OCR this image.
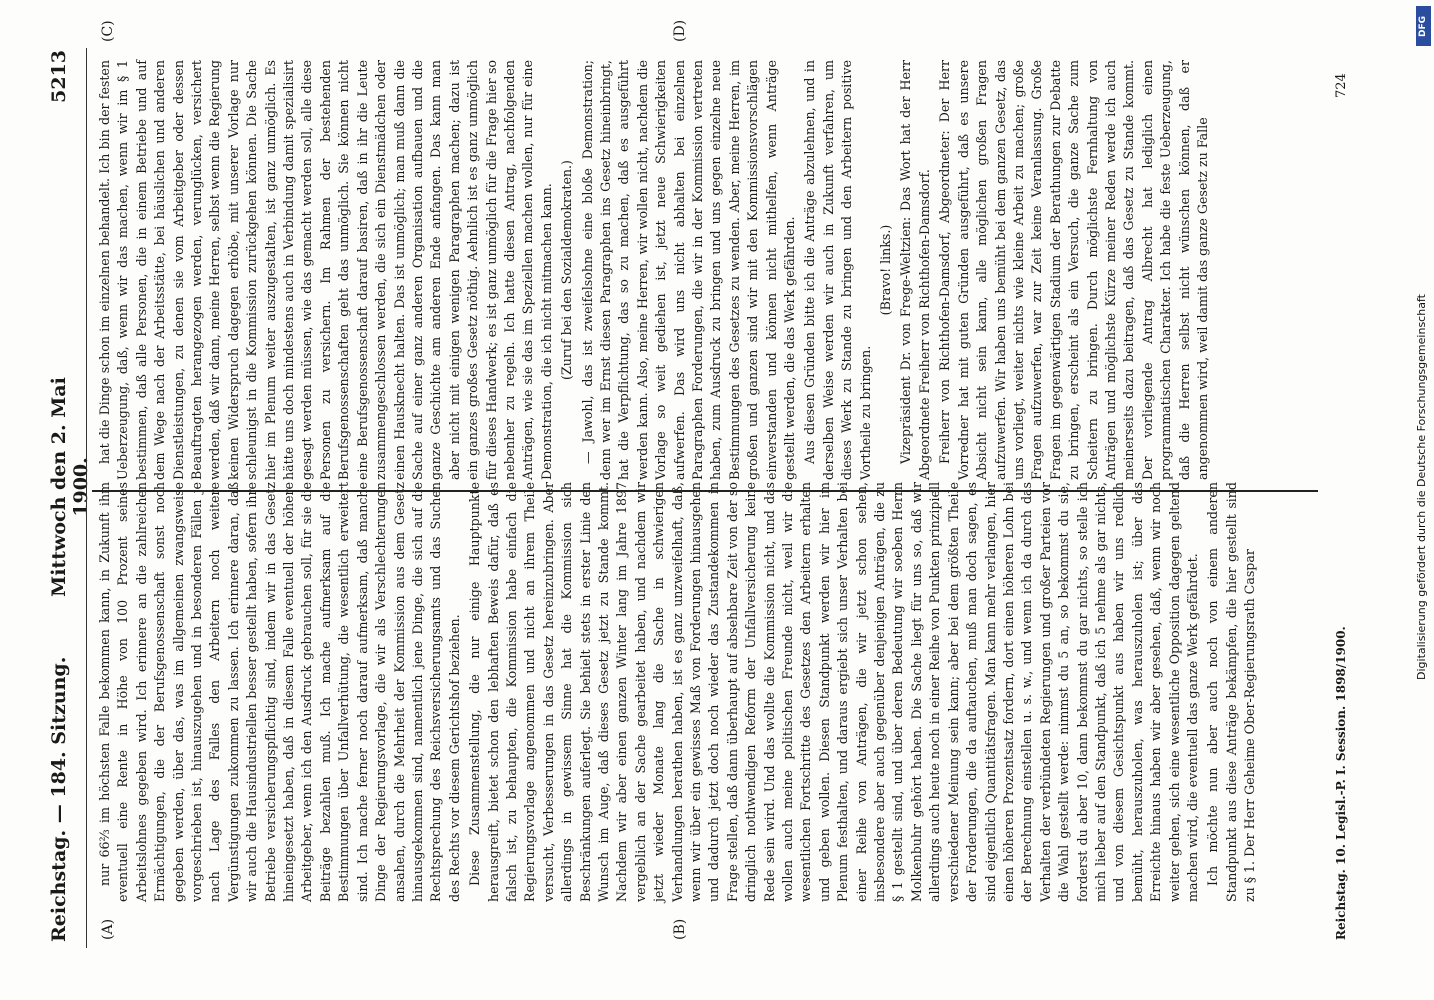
Reichstag. — 184. Sitzung.
Mittwoch den 2. Mai 1900.
5213
(A)	(B)
(C)	(D)

nur 66⅔ im höchsten Falle bekommen kann, in Zukunft ihm eventuell eine Rente in Höhe von 100 Prozent seines Arbeitslohnes gegeben wird. Ich erinnere an die zahlreichen Ermächtigungen, die der Berufsgenossenschaft sonst noch gegeben werden, über das, was im allgemeinen zwangsweise vorgeschrieben ist, hinauszugehen und in besonderen Fällen je nach Lage des Falles den Arbeitern noch weitere Vergünstigungen zukommen zu lassen. Ich erinnere daran, daß wir auch die Hausindustriellen besser gestellt haben, sofern ihre Betriebe versicherungspflichtig sind, indem wir in das Gesetz hineingesetzt haben, daß in diesem Falle eventuell der höhere Arbeitgeber, wenn ich den Ausdruck gebrauchen soll, für sie die Beiträge bezahlen muß. Ich mache aufmerksam auf die Bestimmungen über Unfallverhütung, die wesentlich erweitert sind. Ich mache ferner noch darauf aufmerksam, daß manche Dinge der Regierungsvorlage, die wir als Verschlechterungen ansahen, durch die Mehrheit der Kommission aus dem Gesetz hinausgekommen sind, namentlich jene Dinge, die sich auf die Rechtsprechung des Reichsversicherungsamts und das Suchen des Rechts vor diesem Gerichtshof beziehen. Diese Zusammenstellung, die nur einige Hauptpunkte herausgreift, bietet schon den lebhaften Beweis dafür, daß es falsch ist, zu behaupten, die Kommission habe einfach die Regierungsvorlage angenommen und nicht an ihrem Theile versucht, Verbesserungen in das Gesetz hereinzubringen. Aber allerdings in gewissem Sinne hat die Kommission sich Beschränkungen auferlegt. Sie behielt stets in erster Linie den Wunsch im Auge, daß dieses Gesetz jetzt zu Stande kommt. Nachdem wir aber einen ganzen Winter lang im Jahre 1897 vergeblich an der Sache gearbeitet haben, und nachdem wir jetzt wieder Monate lang die Sache in schwierigen Verhandlungen berathen haben, ist es ganz unzweifelhaft, daß, wenn wir über ein gewisses Maß von Forderungen hinausgehen und dadurch jetzt doch noch wieder das Zustandekommen in Frage stellen, daß dann überhaupt auf absehbare Zeit von der so dringlich nothwendigen Reform der Unfallversicherung keine Rede sein wird. Und das wollte die Kommission nicht, und das wollen auch meine politischen Freunde nicht, weil wir die wesentlichen Fortschritte des Gesetzes den Arbeitern erhalten und geben wollen. Diesen Standpunkt werden wir hier im Plenum festhalten, und daraus ergiebt sich unser Verhalten bei einer Reihe von Anträgen, die wir jetzt schon sehen, insbesondere aber auch gegenüber denjenigen Anträgen, die zu § 1 gestellt sind, und über deren Bedeutung wir soeben Herrn Molkenbuhr gehört haben. Die Sache liegt für uns so, daß wir allerdings auch heute noch in einer Reihe von Punkten prinzipiell verschiedener Meinung sein kann; aber bei dem größten Theile der Forderungen, die da auftauchen, muß man doch sagen, es sind eigentlich Quantitätsfragen. Man kann mehr verlangen, hier einen höheren Prozentsatz fordern, dort einen höheren Lohn bei der Berechnung einstellen u. s. w., und wenn ich da durch das Verhalten der verbündeten Regierungen und großer Parteien vor die Wahl gestellt werde: nimmst du 5 an, so bekommst du sie, forderst du aber 10, dann bekommst du gar nichts, so stelle ich mich lieber auf den Standpunkt, daß ich 5 nehme als gar nichts, und von diesem Gesichtspunkt aus haben wir uns redlich bemüht, herauszuholen, was herauszuholen ist; über das Erreichte hinaus haben wir aber gesehen, daß, wenn wir noch weiter gehen, sich eine wesentliche Opposition dagegen geltend machen wird, die eventuell das ganze Werk gefährdet. Ich möchte nun aber auch noch von einem anderen Standpunkt aus diese Anträge bekämpfen, die hier gestellt sind zu § 1. Der Herr Geheime Ober-Regierungsrath Caspar

hat die Dinge schon im einzelnen behandelt. Ich bin der festen Ueberzeugung, daß, wenn wir das machen, wenn wir im § 1 bestimmen, daß alle Personen, die in einem Betriebe und auf dem Wege nach der Arbeitsstätte, bei häuslichen und anderen Dienstleistungen, zu denen sie vom Arbeitgeber oder dessen Beauftragten herangezogen werden, verunglücken, versichert werden, daß wir dann, meine Herren, selbst wenn die Regierung keinen Widerspruch dagegen erhöbe, mit unserer Vorlage nur schleunigst in die Kommission zurückgehen können. Die Sache hier im Plenum weiter auszugestalten, ist ganz unmöglich. Es hätte uns doch mindestens auch in Verbindung damit spezialisirt gesagt werden müssen, wie das gemacht werden soll, alle diese Personen zu versichern. Im Rahmen der bestehenden Berufsgenossenschaften geht das unmöglich. Sie können nicht eine Berufsgenossenschaft darauf basiren, daß in ihr die Leute zusammengeschlossen werden, die sich ein Dienstmädchen oder einen Hausknecht halten. Das ist unmöglich; man muß dann die Sache auf einer ganz anderen Organisation aufbauen und die ganze Geschichte am anderen Ende anfangen. Das kann man aber nicht mit einigen wenigen Paragraphen machen; dazu ist ein ganzes großes Gesetz nöthig. Aehnlich ist es ganz unmöglich für dieses Handwerk; es ist ganz unmöglich für die Frage hier so nebenher zu regeln. Ich hatte diesen Antrag, nachfolgenden Anträgen, wie sie das im Speziellen machen wollen, nur für eine Demonstration, die ich nicht mitmachen kann. (Zuruf bei den Sozialdemokraten.) — Jawohl, das ist zweifelsohne eine bloße Demonstration; denn wer im Ernst diesen Paragraphen ins Gesetz hineinbringt, hat die Verpflichtung, das so zu machen, daß es ausgeführt werden kann. Also, meine Herren, wir wollen nicht, nachdem die Vorlage so weit gediehen ist, jetzt neue Schwierigkeiten aufwerfen. Das wird uns nicht abhalten bei einzelnen Paragraphen Forderungen, die wir in der Kommission vertreten haben, zum Ausdruck zu bringen und uns gegen einzelne neue Bestimmungen des Gesetzes zu wenden. Aber, meine Herren, im großen und ganzen sind wir mit den Kommissionsvorschlägen einverstanden und können nicht mithelfen, wenn Anträge gestellt werden, die das Werk gefährden. Aus diesen Gründen bitte ich die Anträge abzulehnen, und in derselben Weise werden wir auch in Zukunft verfahren, um dieses Werk zu Stande zu bringen und den Arbeitern positive Vortheile zu bringen.

(Bravo! links.) Vizepräsident Dr. von Frege-Weltzien: Das Wort hat der Herr Abgeordnete Freiherr von Richthofen-Damsdorf. Freiherr von Richthofen-Damsdorf, Abgeordneter: Der Herr Vorredner hat mit guten Gründen ausgeführt, daß es unsere Absicht nicht sein kann, alle möglichen großen Fragen aufzuwerfen. Wir haben uns bemüht bei dem ganzen Gesetz, das uns vorliegt, weiter nichts wie kleine Arbeit zu machen; große Fragen aufzuwerfen, war zur Zeit keine Veranlassung. Große Fragen im gegenwärtigen Stadium der Berathungen zur Debatte zu bringen, erscheint als ein Versuch, die ganze Sache zum Scheitern zu bringen. Durch möglichste Fernhaltung von Anträgen und möglichste Kürze meiner Reden werde ich auch meinerseits dazu beitragen, daß das Gesetz zu Stande kommt. Der vorliegende Antrag Albrecht hat lediglich einen programmatischen Charakter. Ich habe die feste Ueberzeugung, daß die Herren selbst nicht wünschen können, daß er angenommen wird, weil damit das ganze Gesetz zu Falle

Reichstag. 10. Legisl.-P. I. Session. 1898/1900.
724
DFG
Digitalisierung gefördert durch die Deutsche Forschungsgemeinschaft
